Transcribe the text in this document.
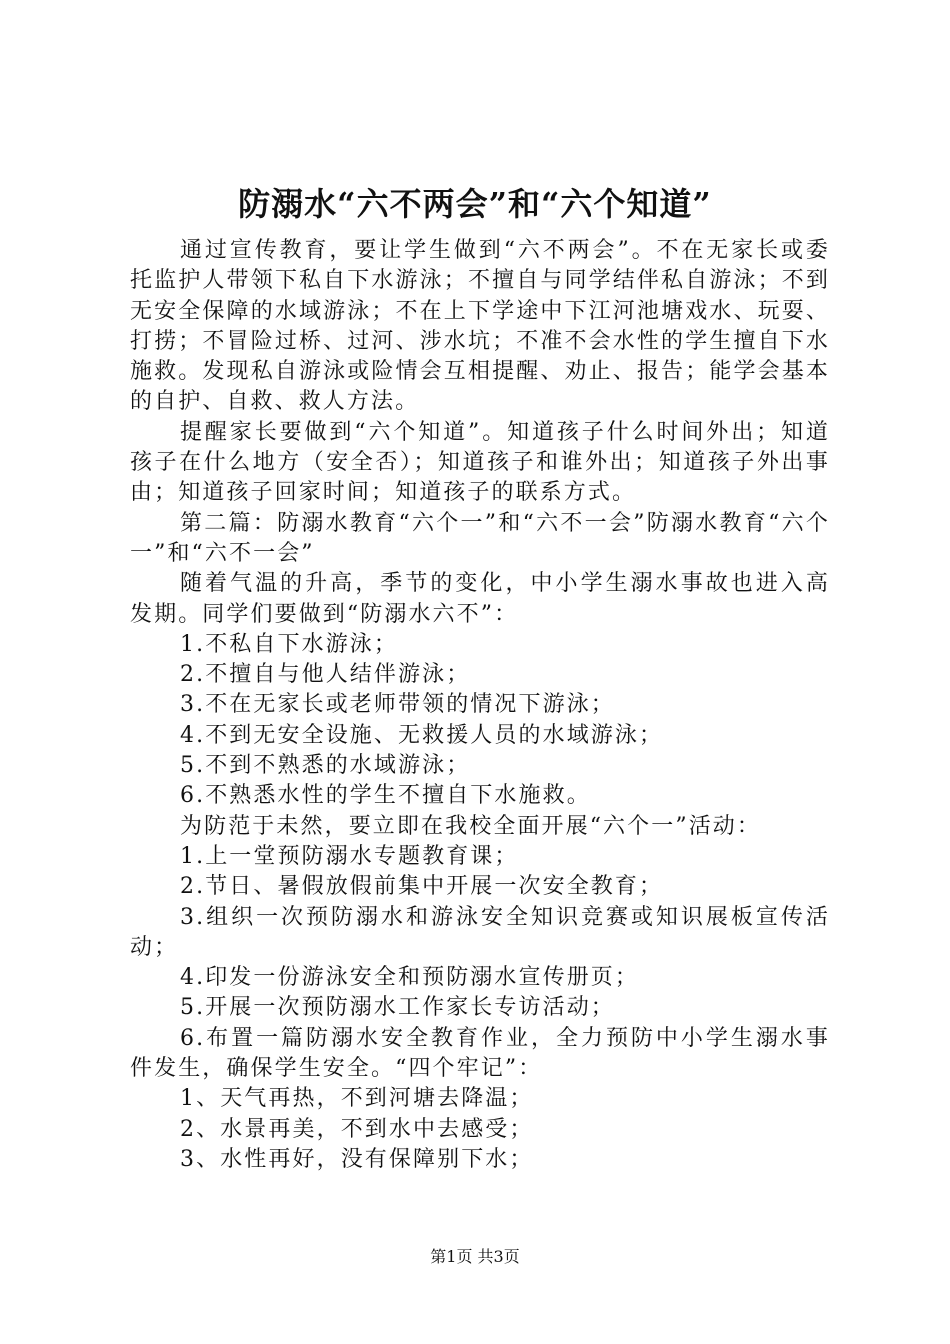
防溺水“六不两会”和“六个知道”

通过宣传教育，要让学生做到“六不两会”。不在无家长或委托监护人带领下私自下水游泳；不擅自与同学结伴私自游泳；不到无安全保障的水域游泳；不在上下学途中下江河池塘戏水、玩耍、打捞；不冒险过桥、过河、涉水坑；不准不会水性的学生擅自下水施救。发现私自游泳或险情会互相提醒、劝止、报告；能学会基本的自护、自救、救人方法。

提醒家长要做到“六个知道”。知道孩子什么时间外出；知道孩子在什么地方（安全否）；知道孩子和谁外出；知道孩子外出事由；知道孩子回家时间；知道孩子的联系方式。

第二篇：防溺水教育“六个一”和“六不一会”防溺水教育“六个一”和“六不一会”

随着气温的升高，季节的变化，中小学生溺水事故也进入高发期。同学们要做到“防溺水六不”：

1.不私自下水游泳；

2.不擅自与他人结伴游泳；

3.不在无家长或老师带领的情况下游泳；

4.不到无安全设施、无救援人员的水域游泳；

5.不到不熟悉的水域游泳；

6.不熟悉水性的学生不擅自下水施救。

为防范于未然，要立即在我校全面开展“六个一”活动：

1.上一堂预防溺水专题教育课；

2.节日、暑假放假前集中开展一次安全教育；

3.组织一次预防溺水和游泳安全知识竞赛或知识展板宣传活动；

4.印发一份游泳安全和预防溺水宣传册页；

5.开展一次预防溺水工作家长专访活动；

6.布置一篇防溺水安全教育作业，全力预防中小学生溺水事件发生，确保学生安全。“四个牢记”：

1、天气再热，不到河塘去降温；

2、水景再美，不到水中去感受；

3、水性再好，没有保障别下水；

第1页 共3页
